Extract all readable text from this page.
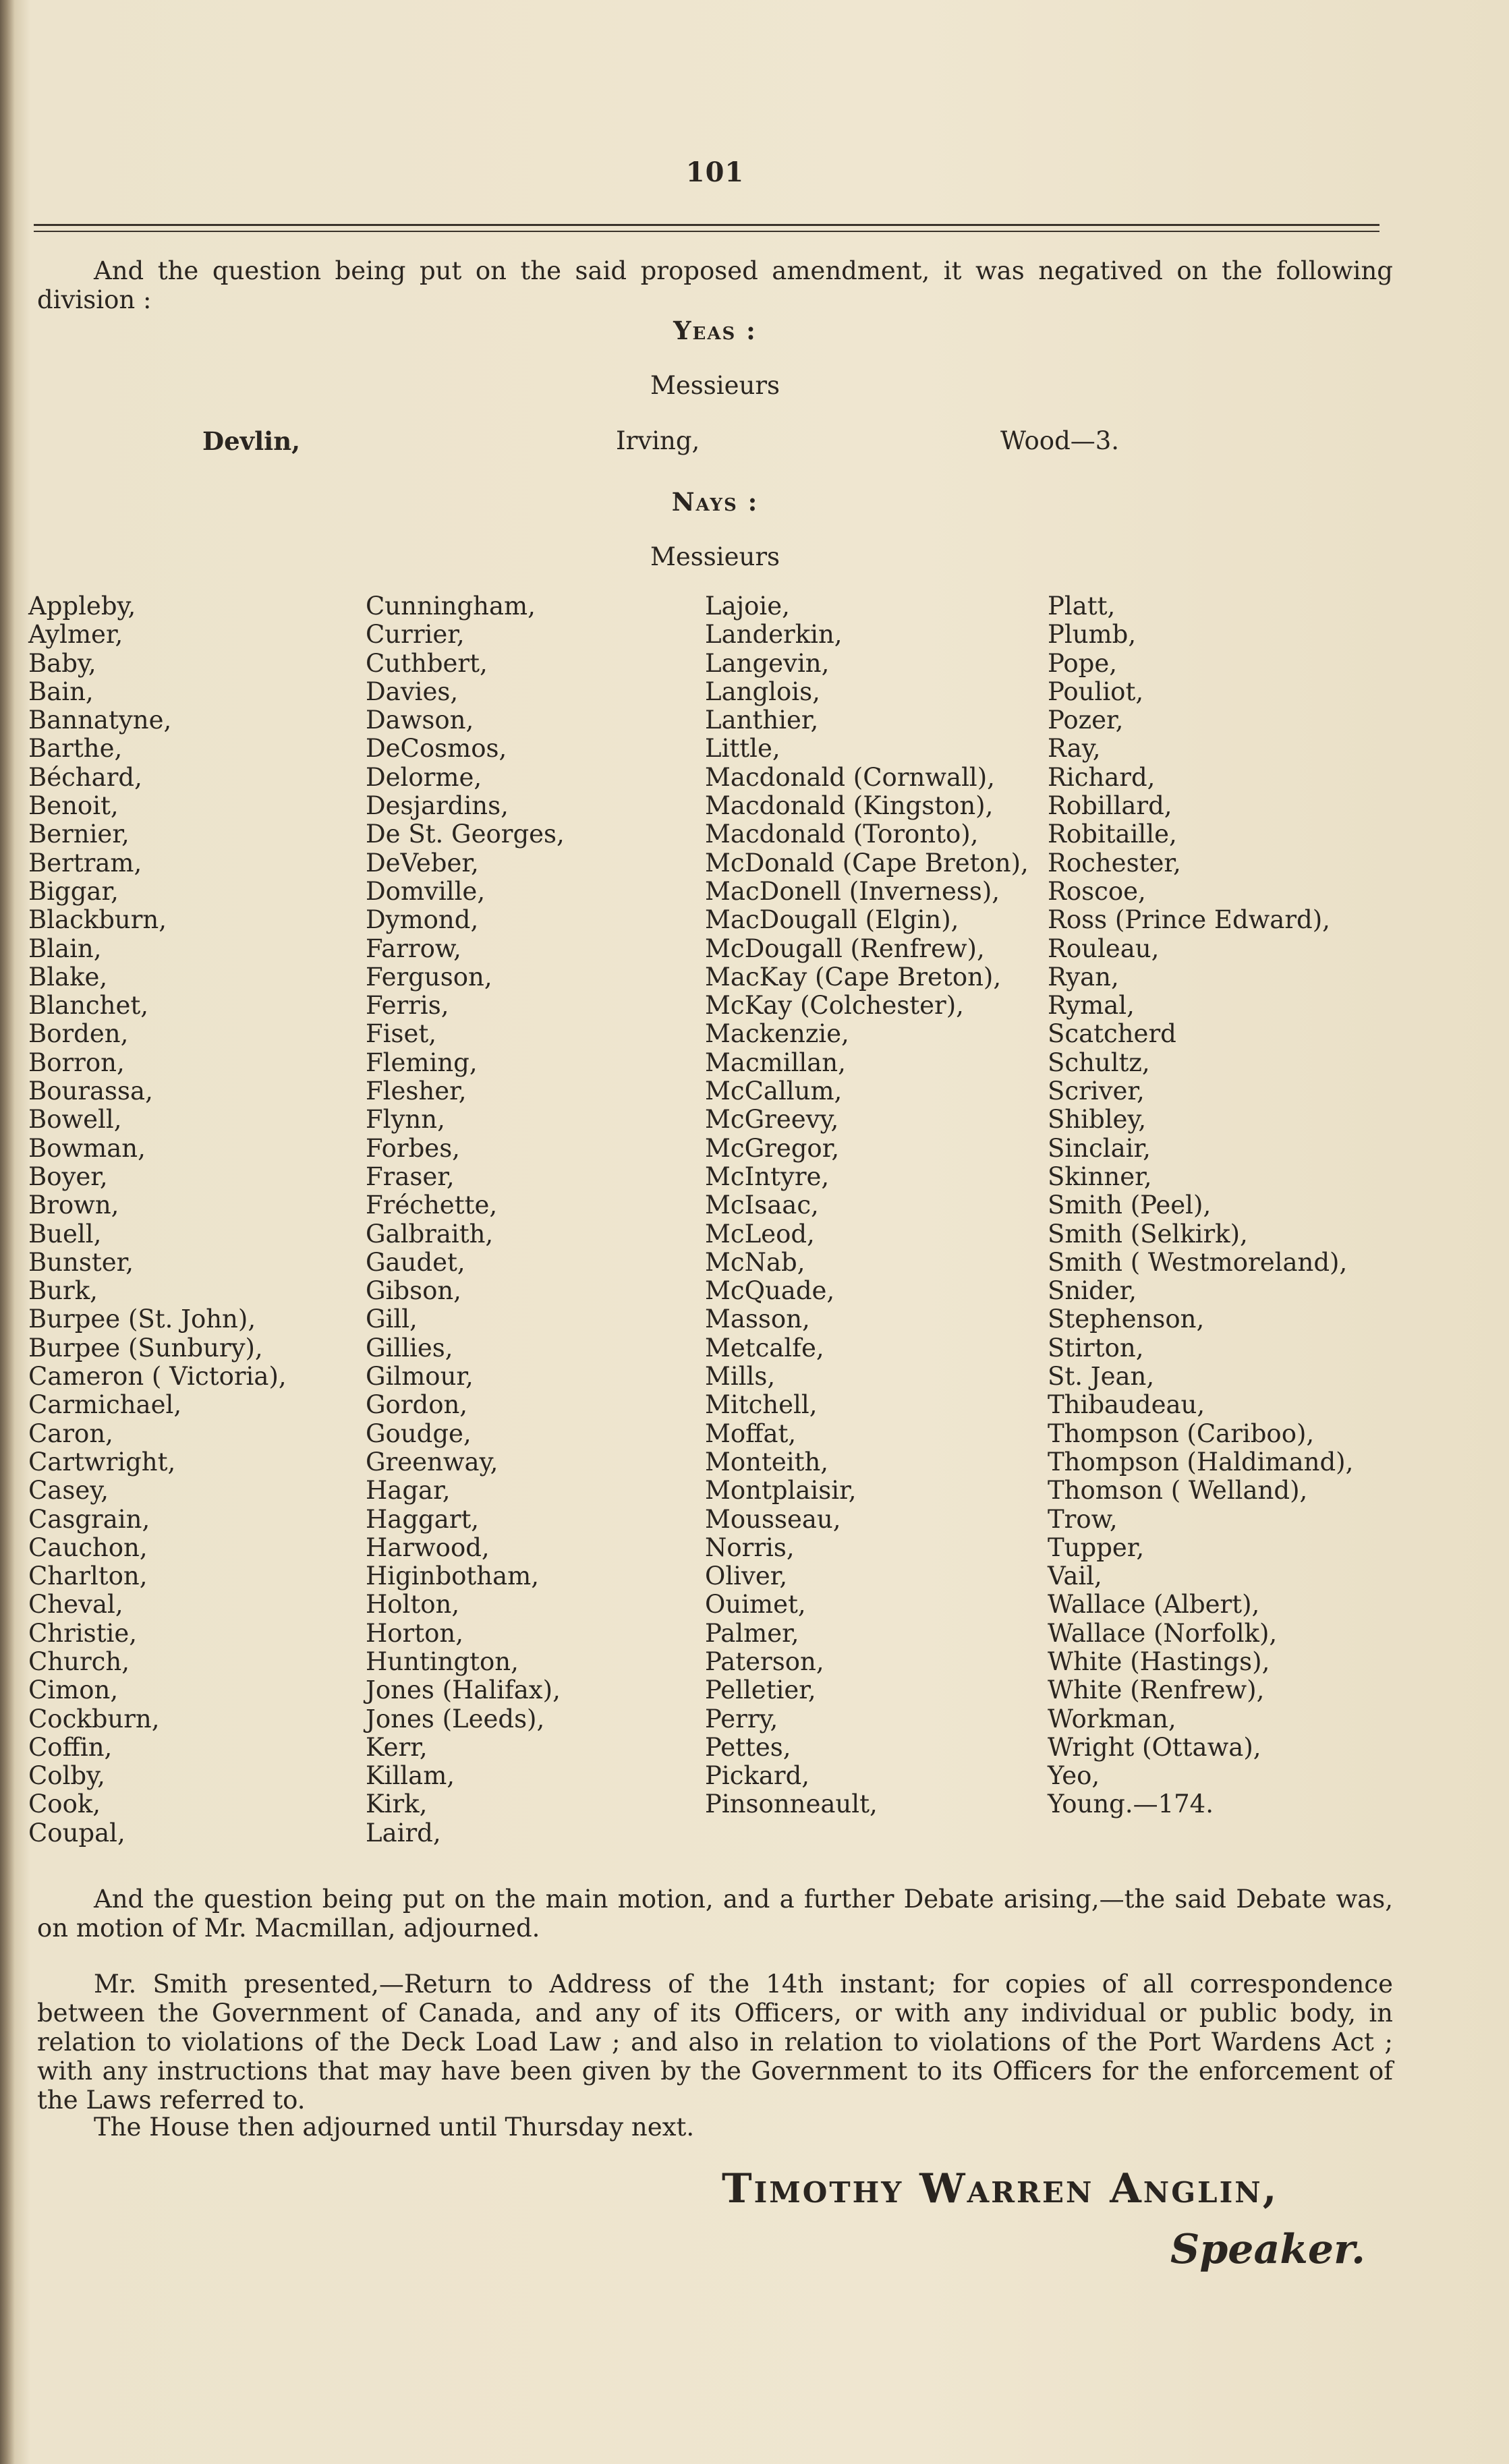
101
And the question being put on the said proposed amendment, it was negatived on the following division :
Yeas :
Messieurs
Devlin,	Irving,	Wood—3.
Nays :
Messieurs
Appleby,
Aylmer,
Baby,
Bain,
Bannatyne,
Barthe,
Béchard,
Benoit,
Bernier,
Bertram,
Biggar,
Blackburn,
Blain,
Blake,
Blanchet,
Borden,
Borron,
Bourassa,
Bowell,
Bowman,
Boyer,
Brown,
Buell,
Bunster,
Burk,
Burpee (St. John),
Burpee (Sunbury),
Cameron ( Victoria),
Carmichael,
Caron,
Cartwright,
Casey,
Casgrain,
Cauchon,
Charlton,
Cheval,
Christie,
Church,
Cimon,
Cockburn,
Coffin,
Colby,
Cook,
Coupal,
Cunningham,
Currier,
Cuthbert,
Davies,
Dawson,
DeCosmos,
Delorme,
Desjardins,
De St. Georges,
DeVeber,
Domville,
Dymond,
Farrow,
Ferguson,
Ferris,
Fiset,
Fleming,
Flesher,
Flynn,
Forbes,
Fraser,
Fréchette,
Galbraith,
Gaudet,
Gibson,
Gill,
Gillies,
Gilmour,
Gordon,
Goudge,
Greenway,
Hagar,
Haggart,
Harwood,
Higinbotham,
Holton,
Horton,
Huntington,
Jones (Halifax),
Jones (Leeds),
Kerr,
Killam,
Kirk,
Laird,
Lajoie,
Landerkin,
Langevin,
Langlois,
Lanthier,
Little,
Macdonald (Cornwall),
Macdonald (Kingston),
Macdonald (Toronto),
McDonald (Cape Breton),
MacDonell (Inverness),
MacDougall (Elgin),
McDougall (Renfrew),
MacKay (Cape Breton),
McKay (Colchester),
Mackenzie,
Macmillan,
McCallum,
McGreevy,
McGregor,
McIntyre,
McIsaac,
McLeod,
McNab,
McQuade,
Masson,
Metcalfe,
Mills,
Mitchell,
Moffat,
Monteith,
Montplaisir,
Mousseau,
Norris,
Oliver,
Ouimet,
Palmer,
Paterson,
Pelletier,
Perry,
Pettes,
Pickard,
Pinsonneault,
Platt,
Plumb,
Pope,
Pouliot,
Pozer,
Ray,
Richard,
Robillard,
Robitaille,
Rochester,
Roscoe,
Ross (Prince Edward),
Rouleau,
Ryan,
Rymal,
Scatcherd
Schultz,
Scriver,
Shibley,
Sinclair,
Skinner,
Smith (Peel),
Smith (Selkirk),
Smith ( Westmoreland),
Snider,
Stephenson,
Stirton,
St. Jean,
Thibaudeau,
Thompson (Cariboo),
Thompson (Haldimand),
Thomson ( Welland),
Trow,
Tupper,
Vail,
Wallace (Albert),
Wallace (Norfolk),
White (Hastings),
White (Renfrew),
Workman,
Wright (Ottawa),
Yeo,
Young.—174.
And the question being put on the main motion, and a further Debate arising,—the said Debate was, on motion of Mr. Macmillan, adjourned.
Mr. Smith presented,—Return to Address of the 14th instant; for copies of all correspondence between the Government of Canada, and any of its Officers, or with any individual or public body, in relation to violations of the Deck Load Law ; and also in relation to violations of the Port Wardens Act ; with any instructions that may have been given by the Government to its Officers for the enforcement of the Laws referred to.
The House then adjourned until Thursday next.
Timothy Warren Anglin,
Speaker.
